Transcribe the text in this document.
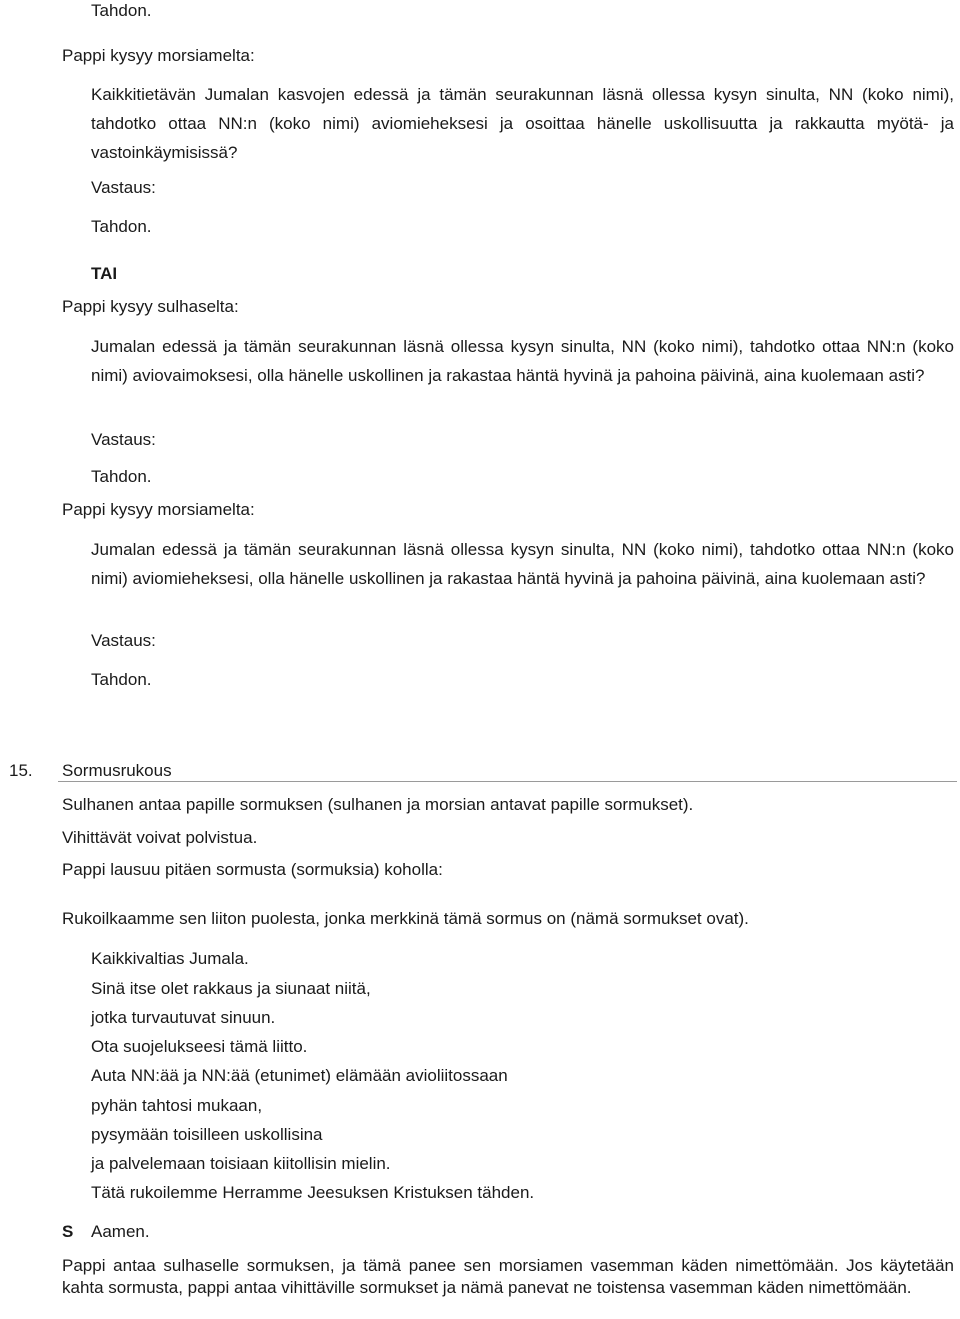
Tahdon.
Pappi kysyy morsiamelta:
Kaikkitietävän Jumalan kasvojen edessä ja tämän seurakunnan läsnä ollessa kysyn sinulta, NN (koko nimi), tahdotko ottaa NN:n (koko nimi) aviomieheksesi ja osoittaa hänelle uskollisuutta ja rakkautta myötä- ja vastoinkäymisissä?
Vastaus:
Tahdon.
TAI
Pappi kysyy sulhaselta:
Jumalan edessä ja tämän seurakunnan läsnä ollessa kysyn sinulta, NN (koko nimi), tahdotko ottaa NN:n (koko nimi) aviovaimoksesi, olla hänelle uskollinen ja rakastaa häntä hyvinä ja pahoina päivinä, aina kuolemaan asti?
Vastaus:
Tahdon.
Pappi kysyy morsiamelta:
Jumalan edessä ja tämän seurakunnan läsnä ollessa kysyn sinulta, NN (koko nimi), tahdotko ottaa NN:n (koko nimi) aviomieheksesi, olla hänelle uskollinen ja rakastaa häntä hyvinä ja pahoina päivinä, aina kuolemaan asti?
Vastaus:
Tahdon.
15. Sormusrukous
Sulhanen antaa papille sormuksen (sulhanen ja morsian antavat papille sormukset).
Vihittävät voivat polvistua.
Pappi lausuu pitäen sormusta (sormuksia) koholla:
Rukoilkaamme sen liiton puolesta, jonka merkkinä tämä sormus on (nämä sormukset ovat).
Kaikkivaltias Jumala.
Sinä itse olet rakkaus ja siunaat niitä,
jotka turvautuvat sinuun.
Ota suojelukseesi tämä liitto.
Auta NN:ää ja NN:ää (etunimet) elämään avioliitossaan
pyhän tahtosi mukaan,
pysymään toisilleen uskollisina
ja palvelemaan toisiaan kiitollisin mielin.
Tätä rukoilemme Herramme Jeesuksen Kristuksen tähden.
S Aamen.
Pappi antaa sulhaselle sormuksen, ja tämä panee sen morsiamen vasemman käden nimettömään. Jos käytetään kahta sormusta, pappi antaa vihittäville sormukset ja nämä panevat ne toistensa vasemman käden nimettömään.
